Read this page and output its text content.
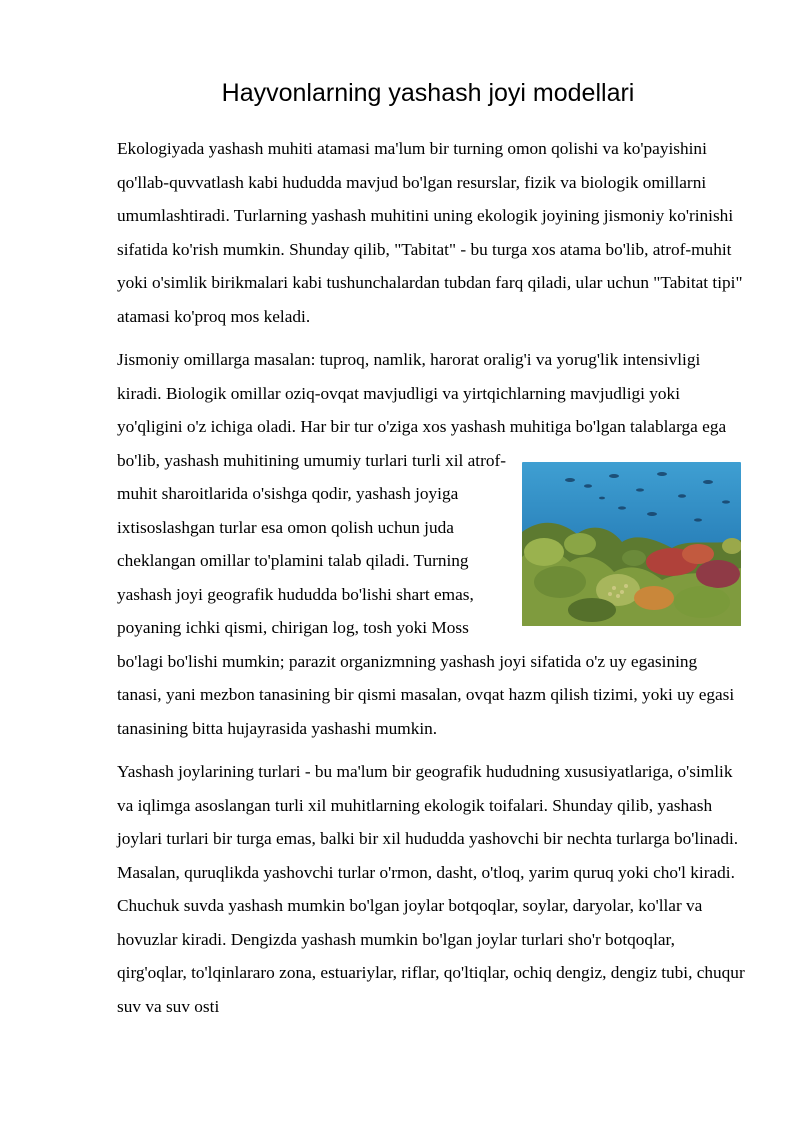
Hayvonlarning yashash joyi modellari

Ekologiyada yashash muhiti atamasi ma'lum bir turning omon qolishi va ko'payishini qo'llab-quvvatlash kabi hududda mavjud bo'lgan resurslar, fizik va biologik omillarni umumlashtiradi. Turlarning yashash muhitini uning ekologik joyining jismoniy ko'rinishi sifatida ko'rish mumkin. Shunday qilib, "Tabitat" - bu turga xos atama bo'lib, atrof-muhit yoki o'simlik birikmalari kabi tushunchalardan tubdan farq qiladi, ular uchun "Tabitat tipi" atamasi ko'proq mos keladi.

Jismoniy omillarga masalan: tuproq, namlik, harorat oralig'i va yorug'lik intensivligi kiradi. Biologik omillar oziq-ovqat mavjudligi va yirtqichlarning mavjudligi yoki yo'qligini o'z ichiga oladi. Har bir tur o'ziga xos yashash muhitiga
bo'lgan talablarga ega bo'lib, yashash muhitining umumiy turlari turli xil atrof-muhit sharoitlarida o'sishga qodir, yashash joyiga ixtisoslashgan turlar esa omon qolish uchun juda cheklangan omillar to'plamini talab qiladi. Turning yashash joyi geografik hududda bo'lishi shart emas, poyaning ichki qismi, chirigan log, tosh yoki Moss bo'lagi bo'lishi mumkin; parazit organizmning yashash joyi sifatida o'z uy egasining tanasi, yani mezbon tanasining bir qismi masalan, ovqat hazm qilish tizimi, yoki uy egasi tanasining bitta hujayrasida yashashi mumkin.

Yashash joylarining turlari - bu ma'lum bir geografik hududning xususiyatlariga, o'simlik va iqlimga asoslangan turli xil muhitlarning ekologik toifalari. Shunday qilib, yashash joylari turlari bir turga emas, balki bir xil hududda yashovchi bir nechta turlarga bo'linadi. Masalan, quruqlikda yashovchi turlar o'rmon, dasht, o'tloq, yarim quruq yoki cho'l kiradi. Chuchuk suvda yashash mumkin bo'lgan joylar botqoqlar, soylar, daryolar, ko'llar va hovuzlar kiradi. Dengizda yashash mumkin bo'lgan joylar turlari sho'r botqoqlar, qirg'oqlar, to'lqinlararo zona, estuariylar, riflar, qo'ltiqlar, ochiq dengiz, dengiz tubi, chuqur suv va suv osti
